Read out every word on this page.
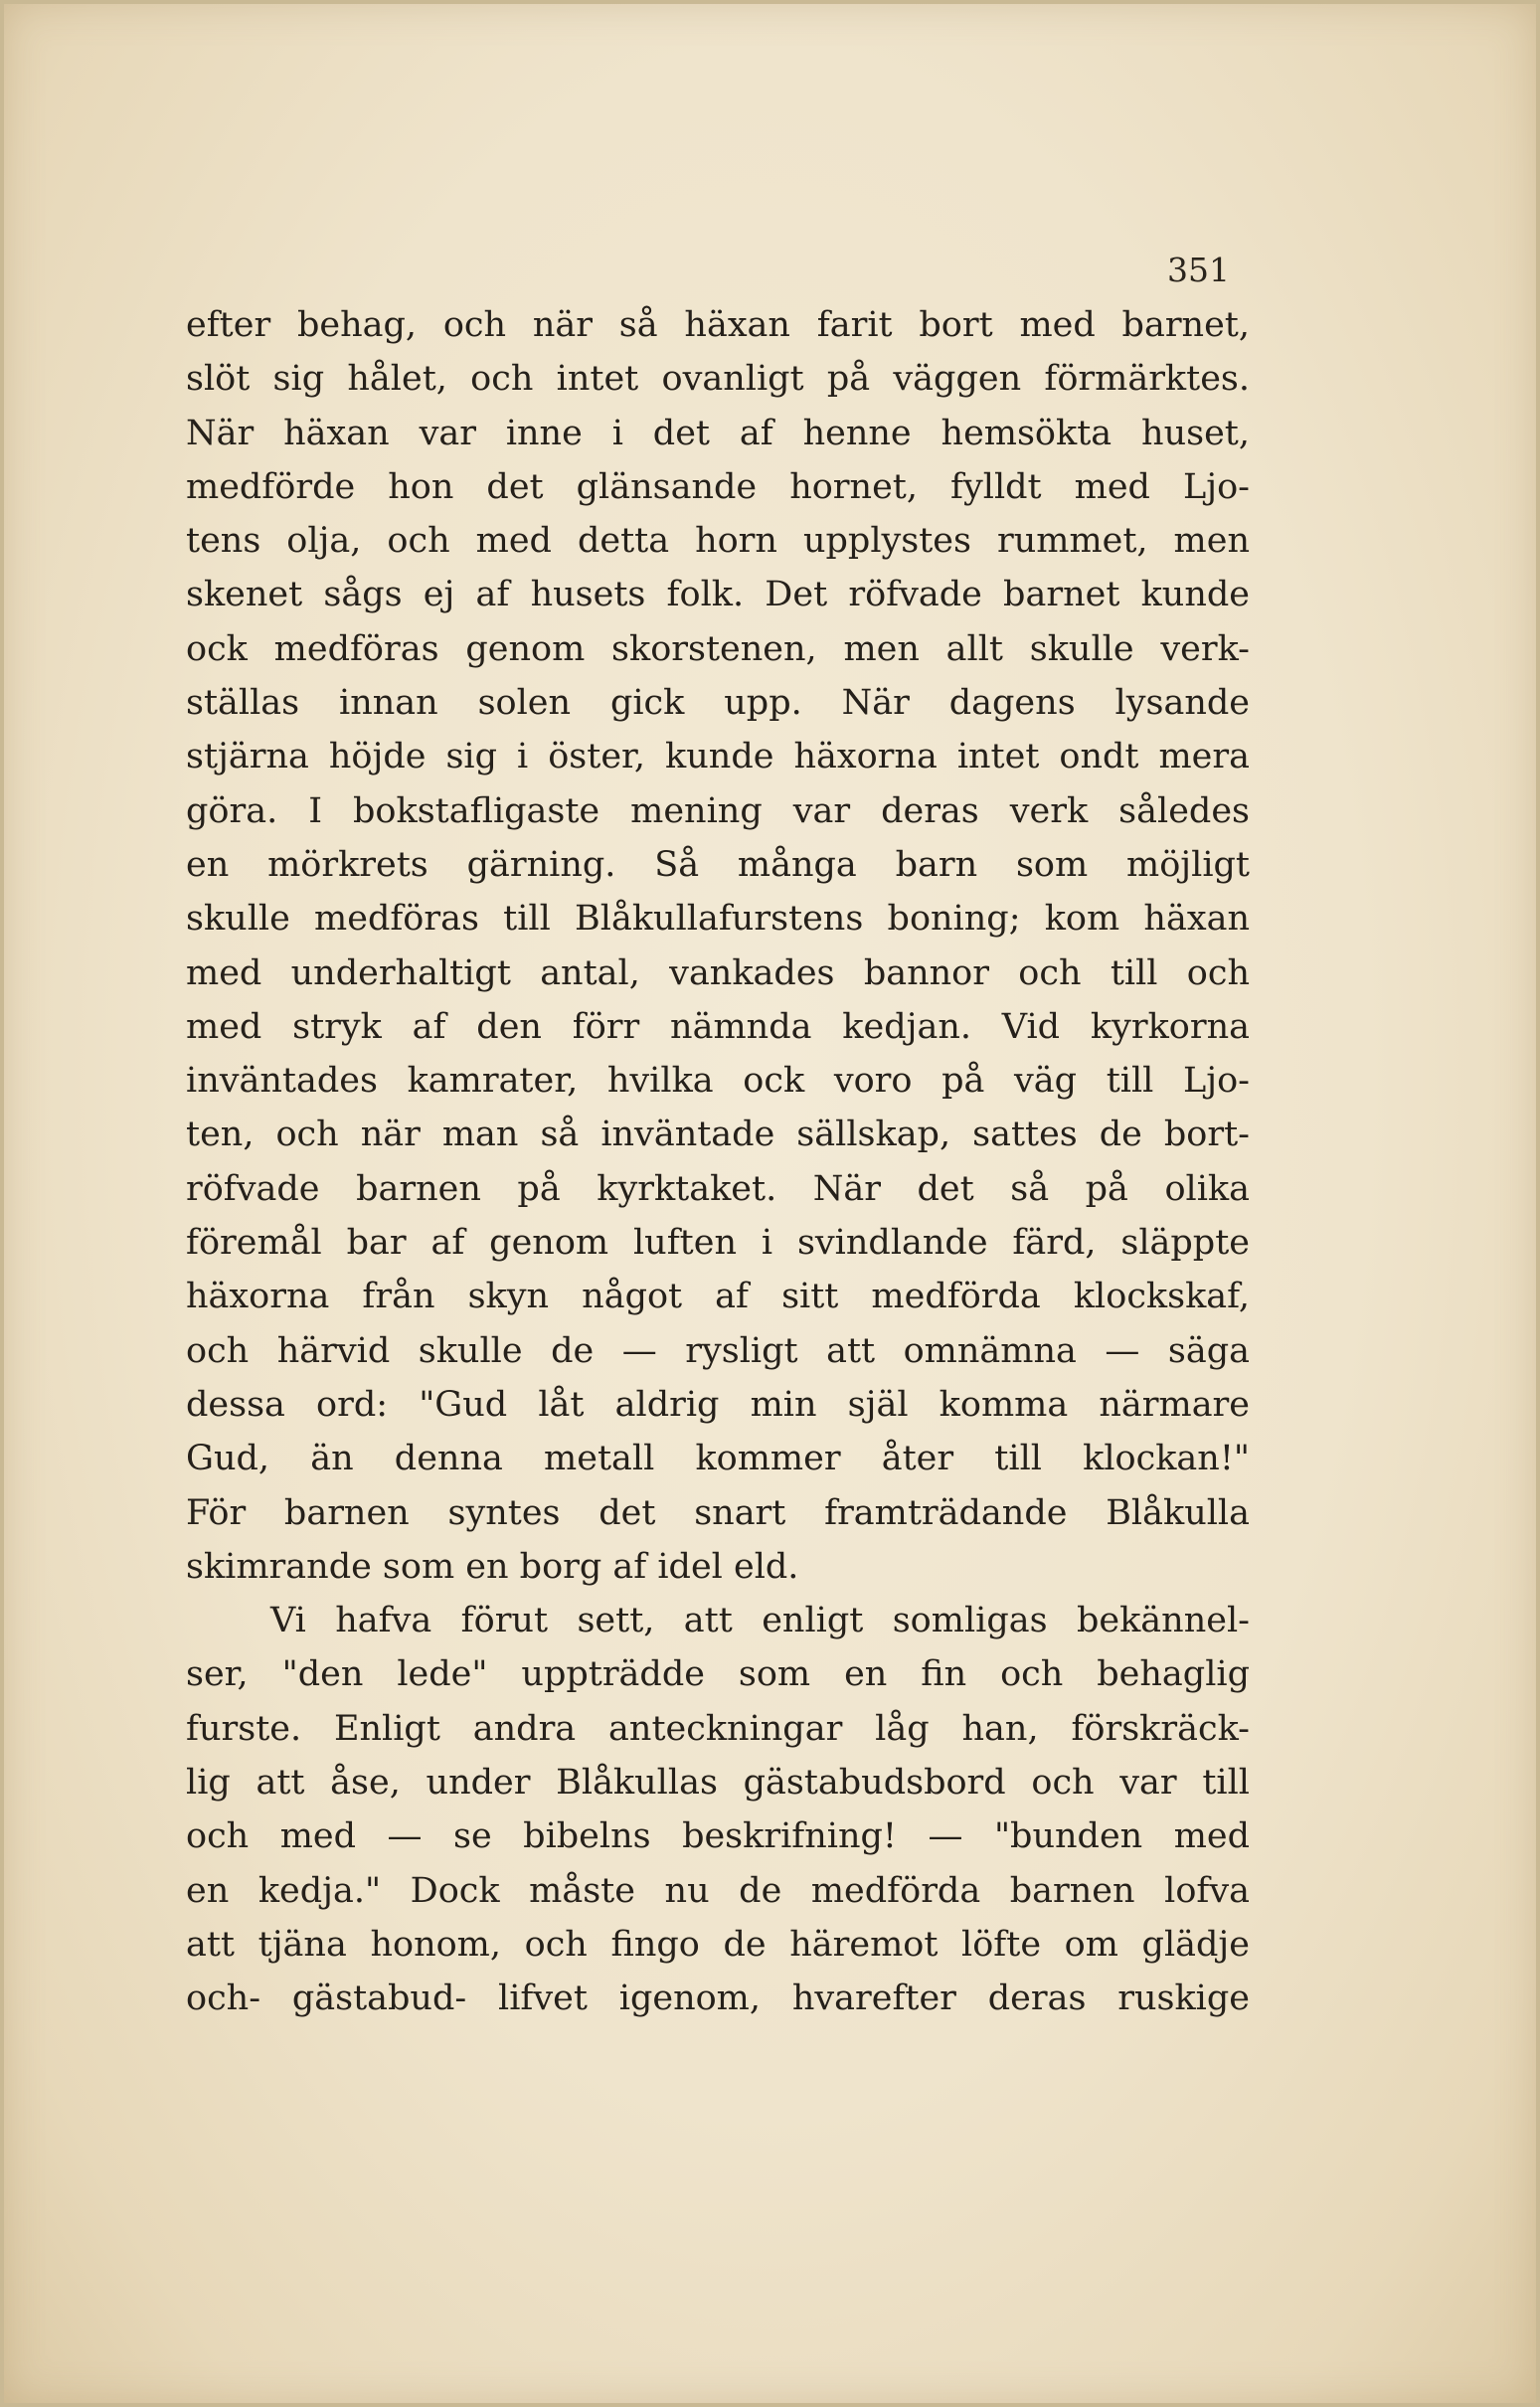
351
efter behag, och när så häxan farit bort med barnet,
slöt sig hålet, och intet ovanligt på väggen förmärktes.
När häxan var inne i det af henne hemsökta huset,
medförde hon det glänsande hornet, fylldt med Ljo-
tens olja, och med detta horn upplystes rummet, men
skenet sågs ej af husets folk. Det röfvade barnet kunde
ock medföras genom skorstenen, men allt skulle verk-
ställas innan solen gick upp. När dagens lysande
stjärna höjde sig i öster, kunde häxorna intet ondt mera
göra. I bokstafligaste mening var deras verk således
en mörkrets gärning. Så många barn som möjligt
skulle medföras till Blåkullafurstens boning; kom häxan
med underhaltigt antal, vankades bannor och till och
med stryk af den förr nämnda kedjan. Vid kyrkorna
inväntades kamrater, hvilka ock voro på väg till Ljo-
ten, och när man så inväntade sällskap, sattes de bort-
röfvade barnen på kyrktaket. När det så på olika
föremål bar af genom luften i svindlande färd, släppte
häxorna från skyn något af sitt medförda klockskaf,
och härvid skulle de — rysligt att omnämna — säga
dessa ord: "Gud låt aldrig min själ komma närmare
Gud, än denna metall kommer åter till klockan!"
För barnen syntes det snart framträdande Blåkulla
skimrande som en borg af idel eld.
Vi hafva förut sett, att enligt somligas bekännel-
ser, "den lede" uppträdde som en fin och behaglig
furste. Enligt andra anteckningar låg han, förskräck-
lig att åse, under Blåkullas gästabudsbord och var till
och med — se bibelns beskrifning! — "bunden med
en kedja." Dock måste nu de medförda barnen lofva
att tjäna honom, och fingo de häremot löfte om glädje
och- gästabud- lifvet igenom, hvarefter deras ruskige
